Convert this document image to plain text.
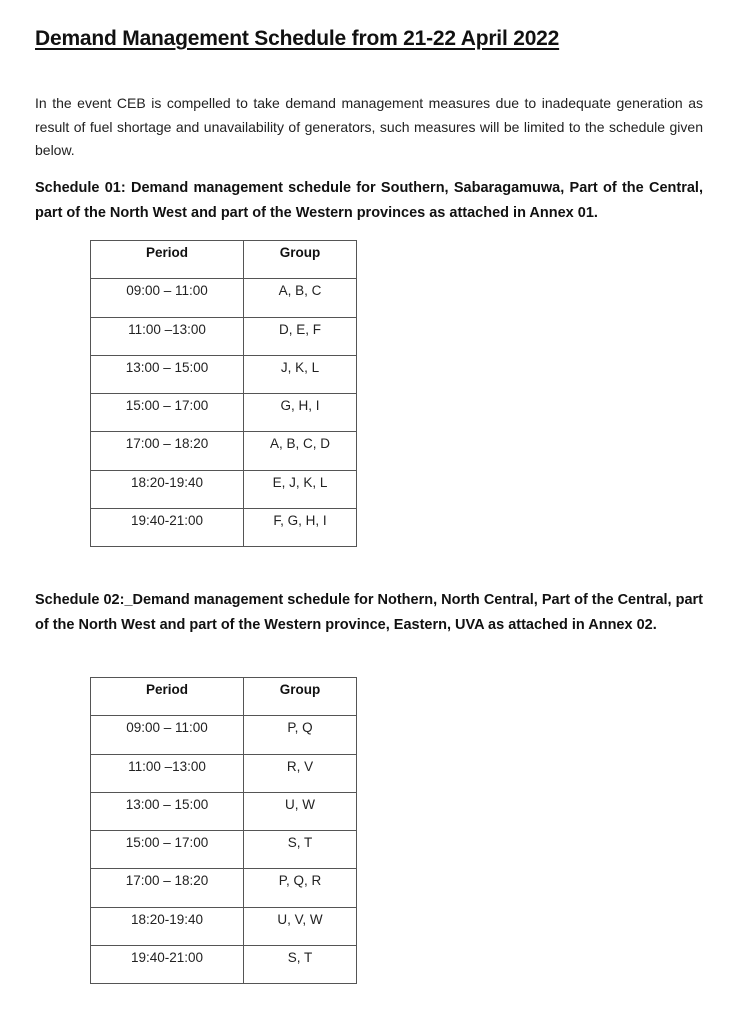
Demand Management Schedule from 21-22 April 2022

In the event CEB is compelled to take demand management measures due to inadequate generation as result of fuel shortage and unavailability of generators, such measures will be limited to the schedule given below.

Schedule 01: Demand management schedule for Southern, Sabaragamuwa, Part of the Central, part of the North West and part of the Western provinces as attached in Annex 01.

Period	Group
09:00 – 11:00	A, B, C
11:00 –13:00	D, E, F
13:00 – 15:00	J, K, L
15:00 – 17:00	G, H, I
17:00 – 18:20	A, B, C, D
18:20-19:40	E, J, K, L
19:40-21:00	F, G, H, I

Schedule 02:_Demand management schedule for Nothern, North Central, Part of the Central, part of the North West and part of the Western province, Eastern, UVA as attached in Annex 02.

Period	Group
09:00 – 11:00	P, Q
11:00 –13:00	R, V
13:00 – 15:00	U, W
15:00 – 17:00	S, T
17:00 – 18:20	P, Q, R
18:20-19:40	U, V, W
19:40-21:00	S, T
